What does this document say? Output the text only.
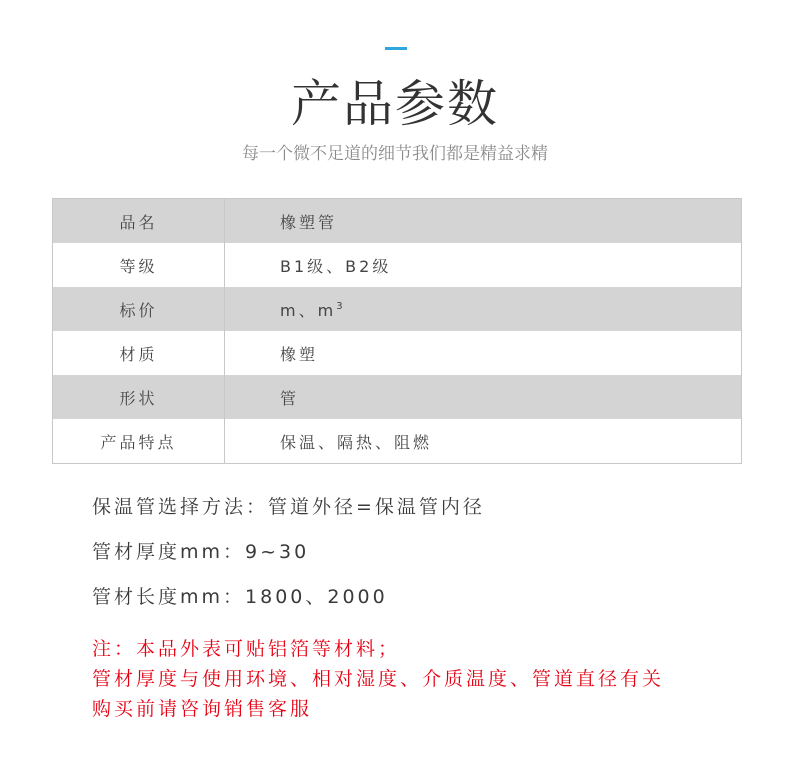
产品参数
每一个微不足道的细节我们都是精益求精
品名	橡塑管
等级	B1级、B2级
标价	m、$m^3$
材质	橡塑
形状	管
产品特点	保温、隔热、阻燃
保温管选择方法：管道外径=保温管内径
管材厚度mm：9~30
管材长度mm：1800、2000
注：本品外表可贴铝箔等材料；
管材厚度与使用环境、相对湿度、介质温度、管道直径有关
购买前请咨询销售客服
